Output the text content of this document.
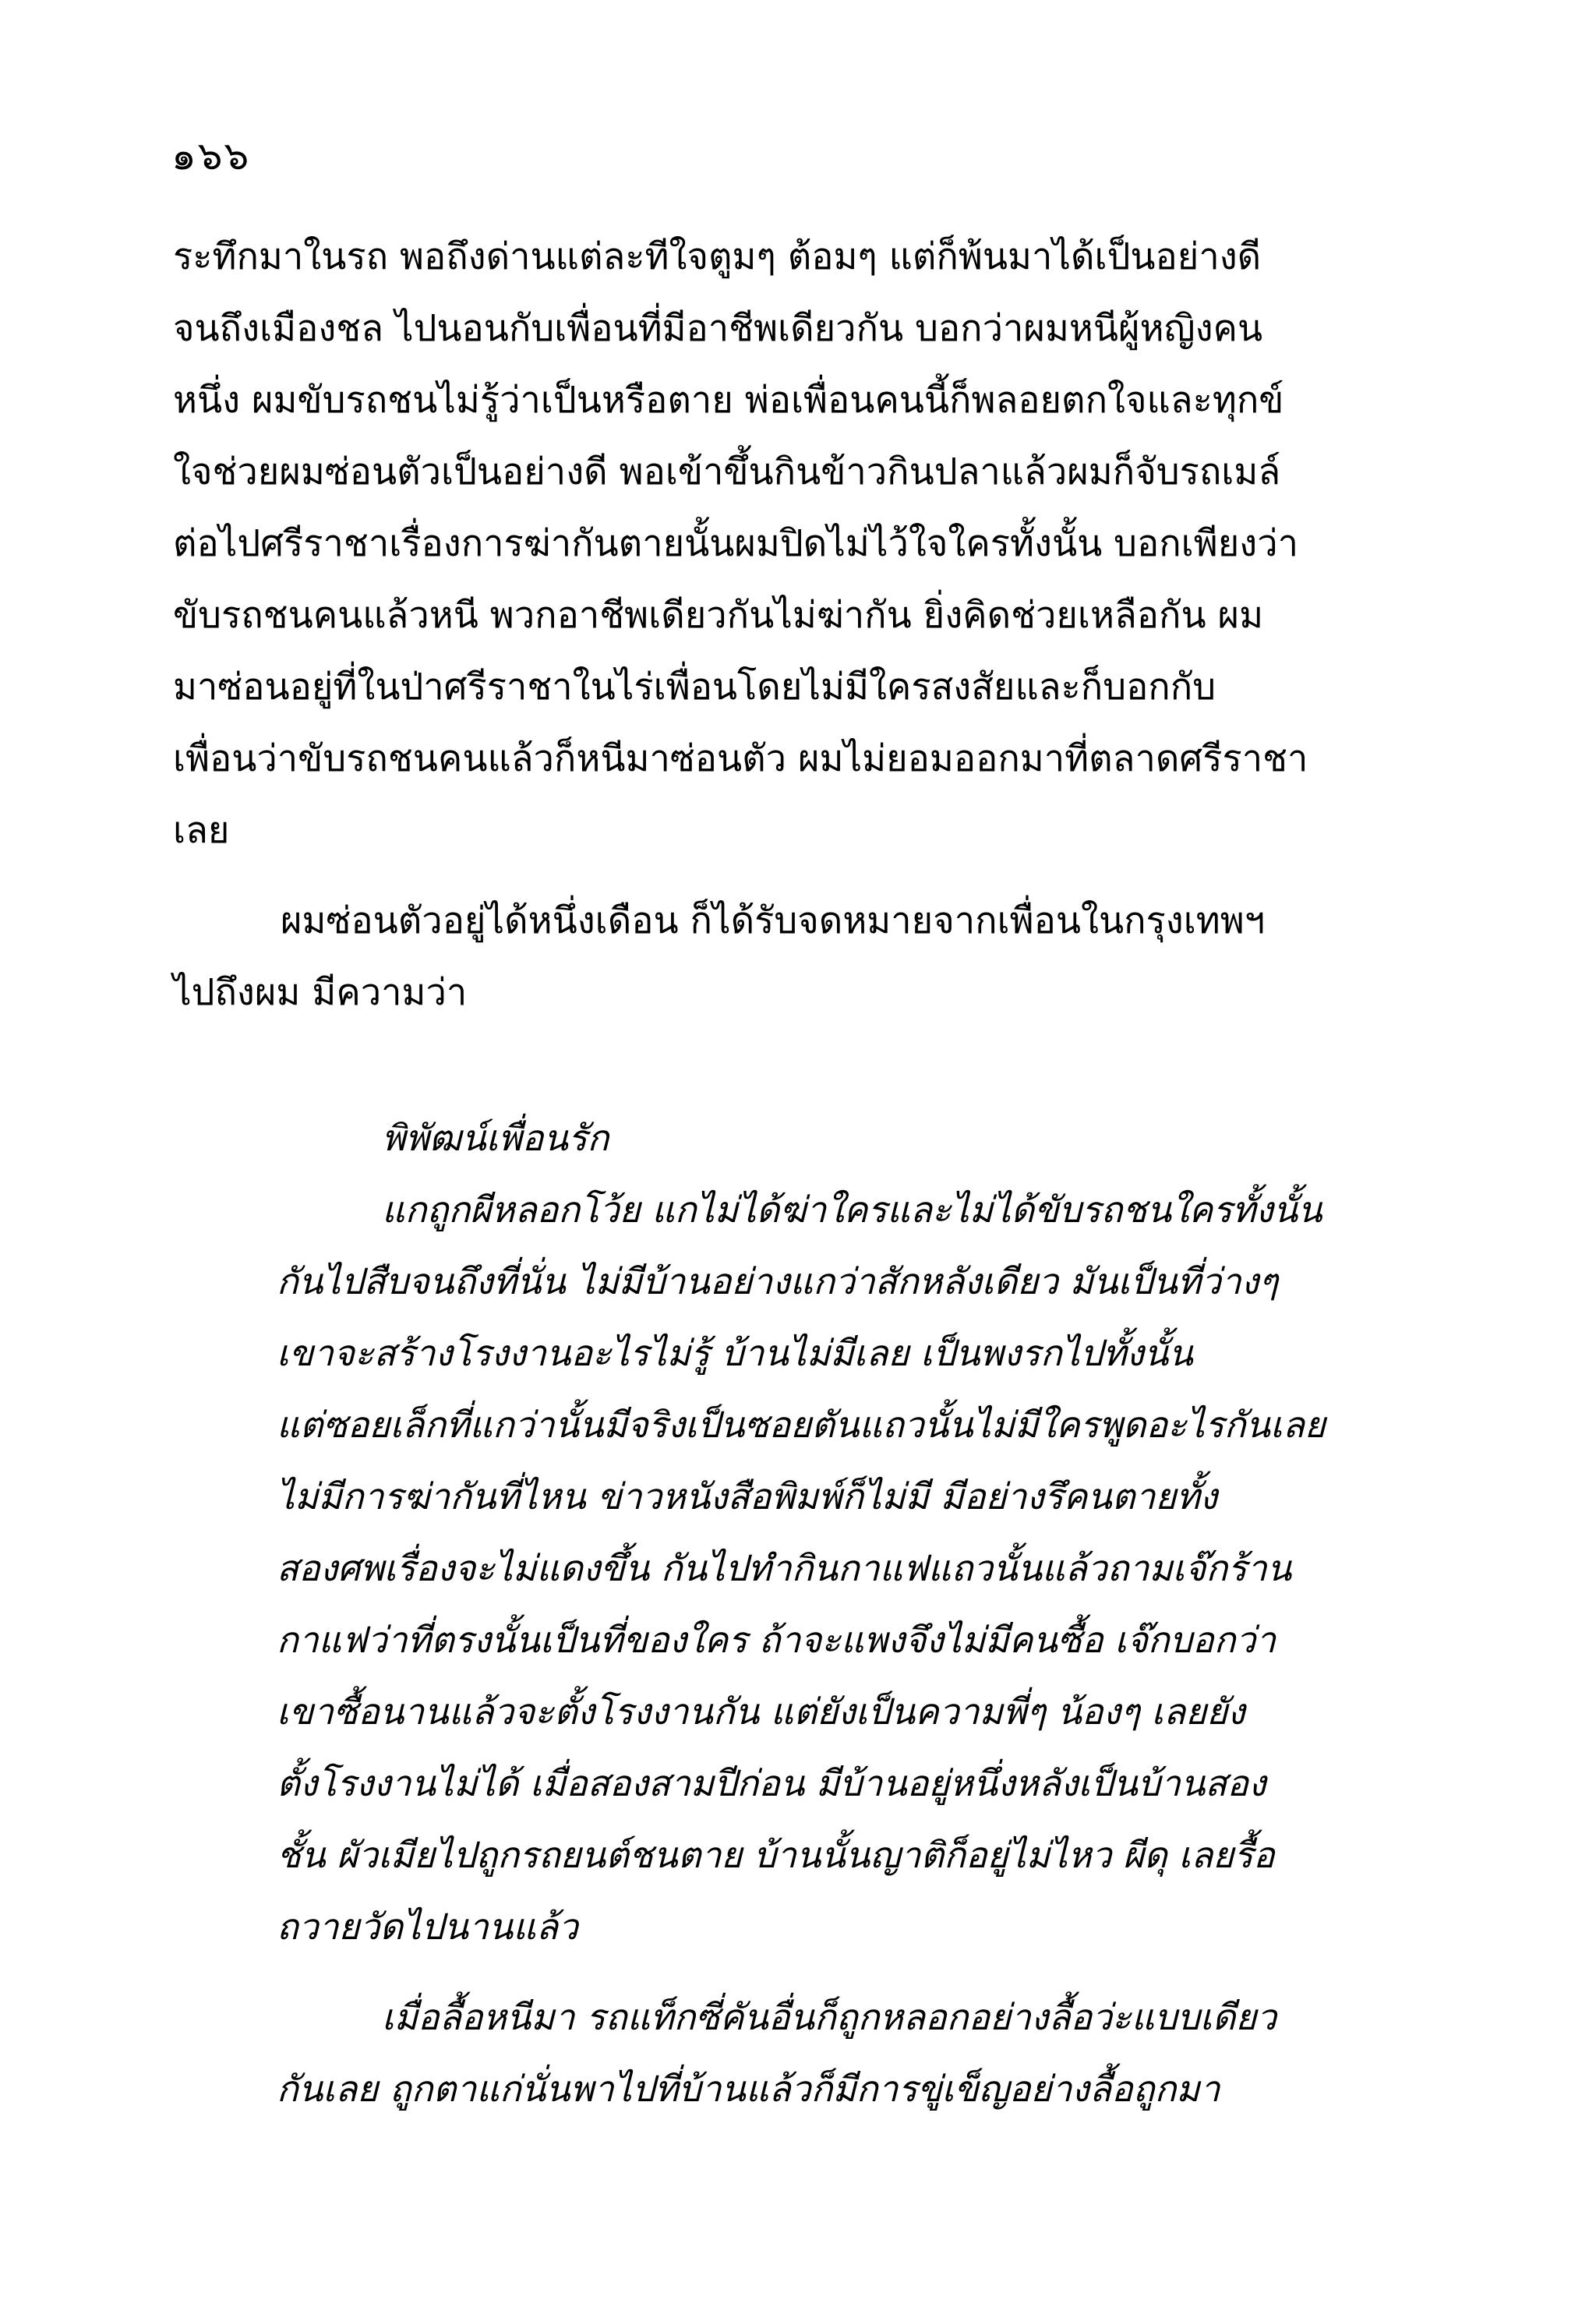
๑๖๖

ระทึกมาในรถ พอถึงด่านแต่ละทีใจตูมๆ ต้อมๆ แต่ก็พ้นมาได้เป็นอย่างดี

จนถึงเมืองชล ไปนอนกับเพื่อนที่มีอาชีพเดียวกัน บอกว่าผมหนีผู้หญิงคน

หนึ่ง ผมขับรถชนไม่รู้ว่าเป็นหรือตาย พ่อเพื่อนคนนี้ก็พลอยตกใจและทุกข์

ใจช่วยผมซ่อนตัวเป็นอย่างดี พอเข้าขึ้นกินข้าวกินปลาแล้วผมก็จับรถเมล์

ต่อไปศรีราชาเรื่องการฆ่ากันตายนั้นผมปิดไม่ไว้ใจใครทั้งนั้น บอกเพียงว่า

ขับรถชนคนแล้วหนี พวกอาชีพเดียวกันไม่ฆ่ากัน ยิ่งคิดช่วยเหลือกัน ผม

มาซ่อนอยู่ที่ในป่าศรีราชาในไร่เพื่อนโดยไม่มีใครสงสัยและก็บอกกับ

เพื่อนว่าขับรถชนคนแล้วก็หนีมาซ่อนตัว ผมไม่ยอมออกมาที่ตลาดศรีราชา

เลย

ผมซ่อนตัวอยู่ได้หนึ่งเดือน ก็ได้รับจดหมายจากเพื่อนในกรุงเทพฯ

ไปถึงผม มีความว่า

พิพัฒน์เพื่อนรัก

แกถูกผีหลอกโว้ย แกไม่ได้ฆ่าใครและไม่ได้ขับรถชนใครทั้งนั้น

กันไปสืบจนถึงที่นั่น ไม่มีบ้านอย่างแกว่าสักหลังเดียว มันเป็นที่ว่างๆ

เขาจะสร้างโรงงานอะไรไม่รู้ บ้านไม่มีเลย เป็นพงรกไปทั้งนั้น

แต่ซอยเล็กที่แกว่านั้นมีจริงเป็นซอยตันแถวนั้นไม่มีใครพูดอะไรกันเลย

ไม่มีการฆ่ากันที่ไหน ข่าวหนังสือพิมพ์ก็ไม่มี มีอย่างรึคนตายทั้ง

สองศพเรื่องจะไม่แดงขึ้น กันไปทำกินกาแฟแถวนั้นแล้วถามเจ๊กร้าน

กาแฟว่าที่ตรงนั้นเป็นที่ของใคร ถ้าจะแพงจึงไม่มีคนซื้อ เจ๊กบอกว่า

เขาซื้อนานแล้วจะตั้งโรงงานกัน แต่ยังเป็นความพี่ๆ น้องๆ เลยยัง

ตั้งโรงงานไม่ได้ เมื่อสองสามปีก่อน มีบ้านอยู่หนึ่งหลังเป็นบ้านสอง

ชั้น ผัวเมียไปถูกรถยนต์ชนตาย บ้านนั้นญาติก็อยู่ไม่ไหว ผีดุ เลยรื้อ

ถวายวัดไปนานแล้ว

เมื่อลื้อหนีมา รถแท็กซี่คันอื่นก็ถูกหลอกอย่างลื้อว่ะแบบเดียว

กันเลย ถูกตาแก่นั่นพาไปที่บ้านแล้วก็มีการขู่เข็ญอย่างลื้อถูกมา
